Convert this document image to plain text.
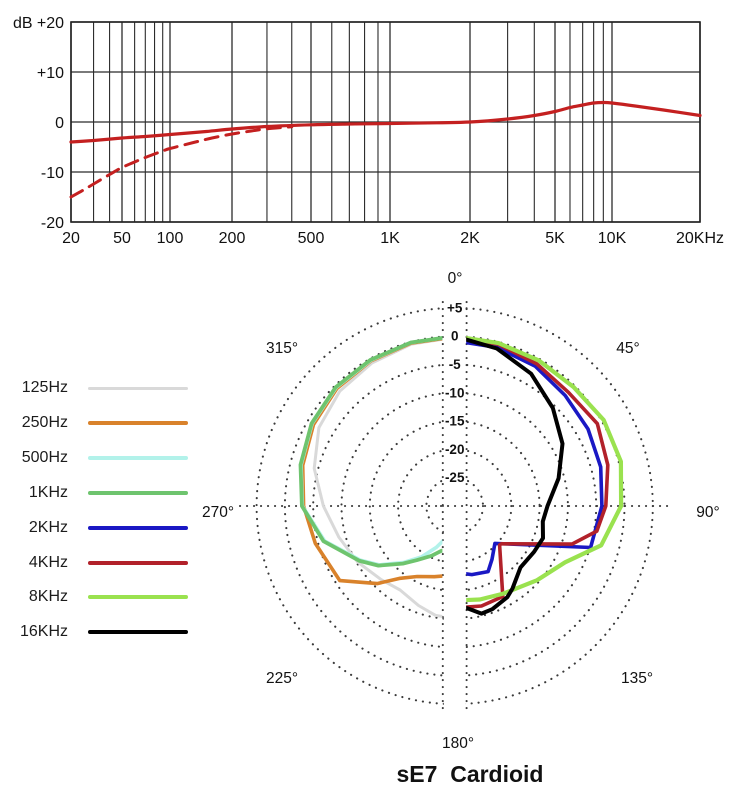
dB +20
+10
0
-10
-20
20 50 100 200	500	1K	2K	5K 10K	20KHz
+5
0
-5
-10
-15
-20
-25
0°
45°
90°
135°
180°
225°
270°
315°
125Hz
250Hz
500Hz
1KHz
2KHz
4KHz
8KHz
16KHz
sE7  Cardioid
